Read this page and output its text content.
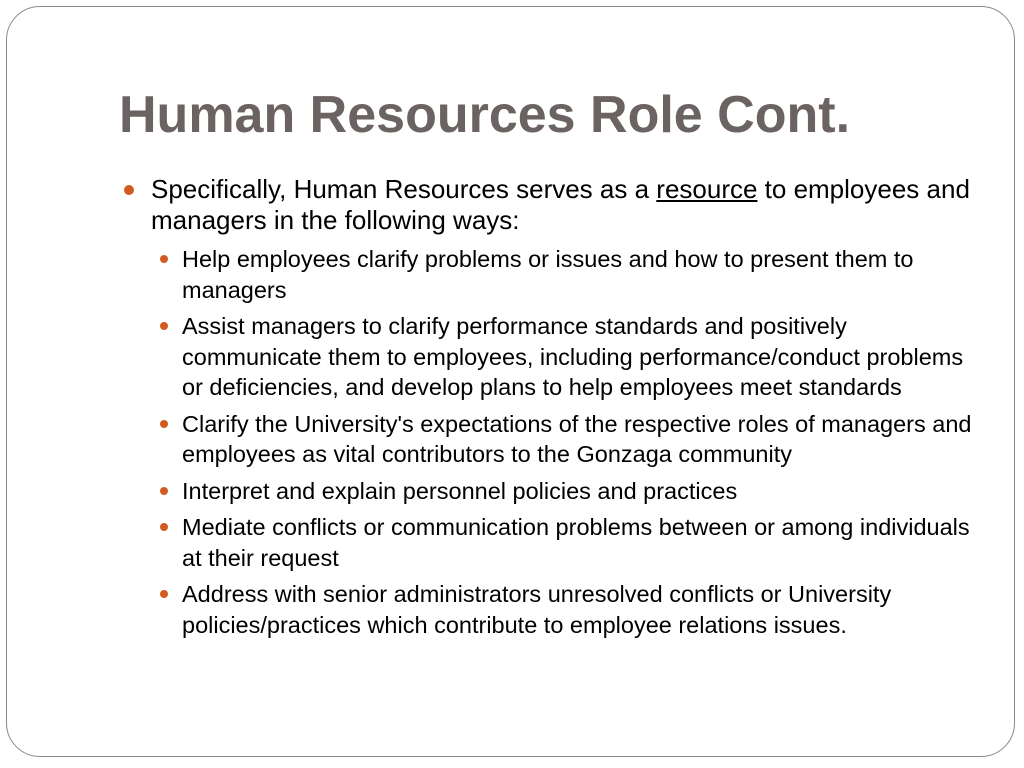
Human Resources Role Cont.
Specifically, Human Resources serves as a resource to employees and managers in the following ways:
Help employees clarify problems or issues and how to present them to managers
Assist managers to clarify performance standards and positively communicate them to employees, including performance/conduct problems or deficiencies, and develop plans to help employees meet standards
Clarify the University's expectations of the respective roles of managers and employees as vital contributors to the Gonzaga community
Interpret and explain personnel policies and practices
Mediate conflicts or communication problems between or among individuals at their request
Address with senior administrators unresolved conflicts or University policies/practices which contribute to employee relations issues.
